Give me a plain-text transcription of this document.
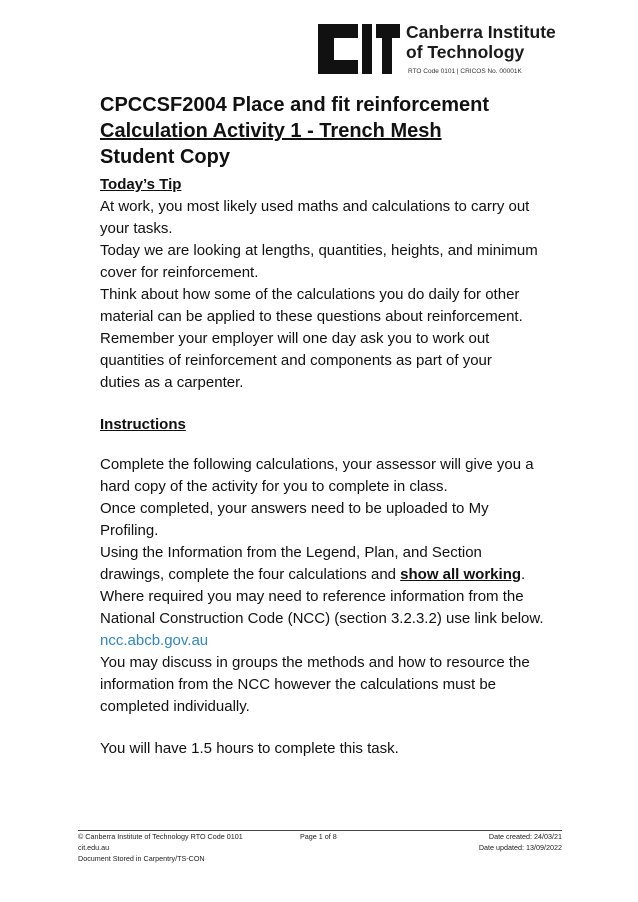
Canberra Institute
of Technology
RTO Code 0101 | CRICOS No. 00001K
CPCCSF2004 Place and fit reinforcement
Calculation Activity 1 - Trench Mesh
Student Copy
Today’s Tip
At work, you most likely used maths and calculations to carry out
your tasks.
Today we are looking at lengths, quantities, heights, and minimum
cover for reinforcement.
Think about how some of the calculations you do daily for other
material can be applied to these questions about reinforcement.
Remember your employer will one day ask you to work out
quantities of reinforcement and components as part of your
duties as a carpenter.
Instructions
Complete the following calculations, your assessor will give you a
hard copy of the activity for you to complete in class.
Once completed, your answers need to be uploaded to My
Profiling.
Using the Information from the Legend, Plan, and Section
drawings, complete the four calculations and show all working.
Where required you may need to reference information from the
National Construction Code (NCC) (section 3.2.3.2) use link below.
ncc.abcb.gov.au
You may discuss in groups the methods and how to resource the
information from the NCC however the calculations must be
completed individually.
You will have 1.5 hours to complete this task.
© Canberra Institute of Technology RTO Code 0101	Page 1 of 8	Date created: 24/03/21
cit.edu.au	Date updated: 13/09/2022
Document Stored in Carpentry/TS-CON
